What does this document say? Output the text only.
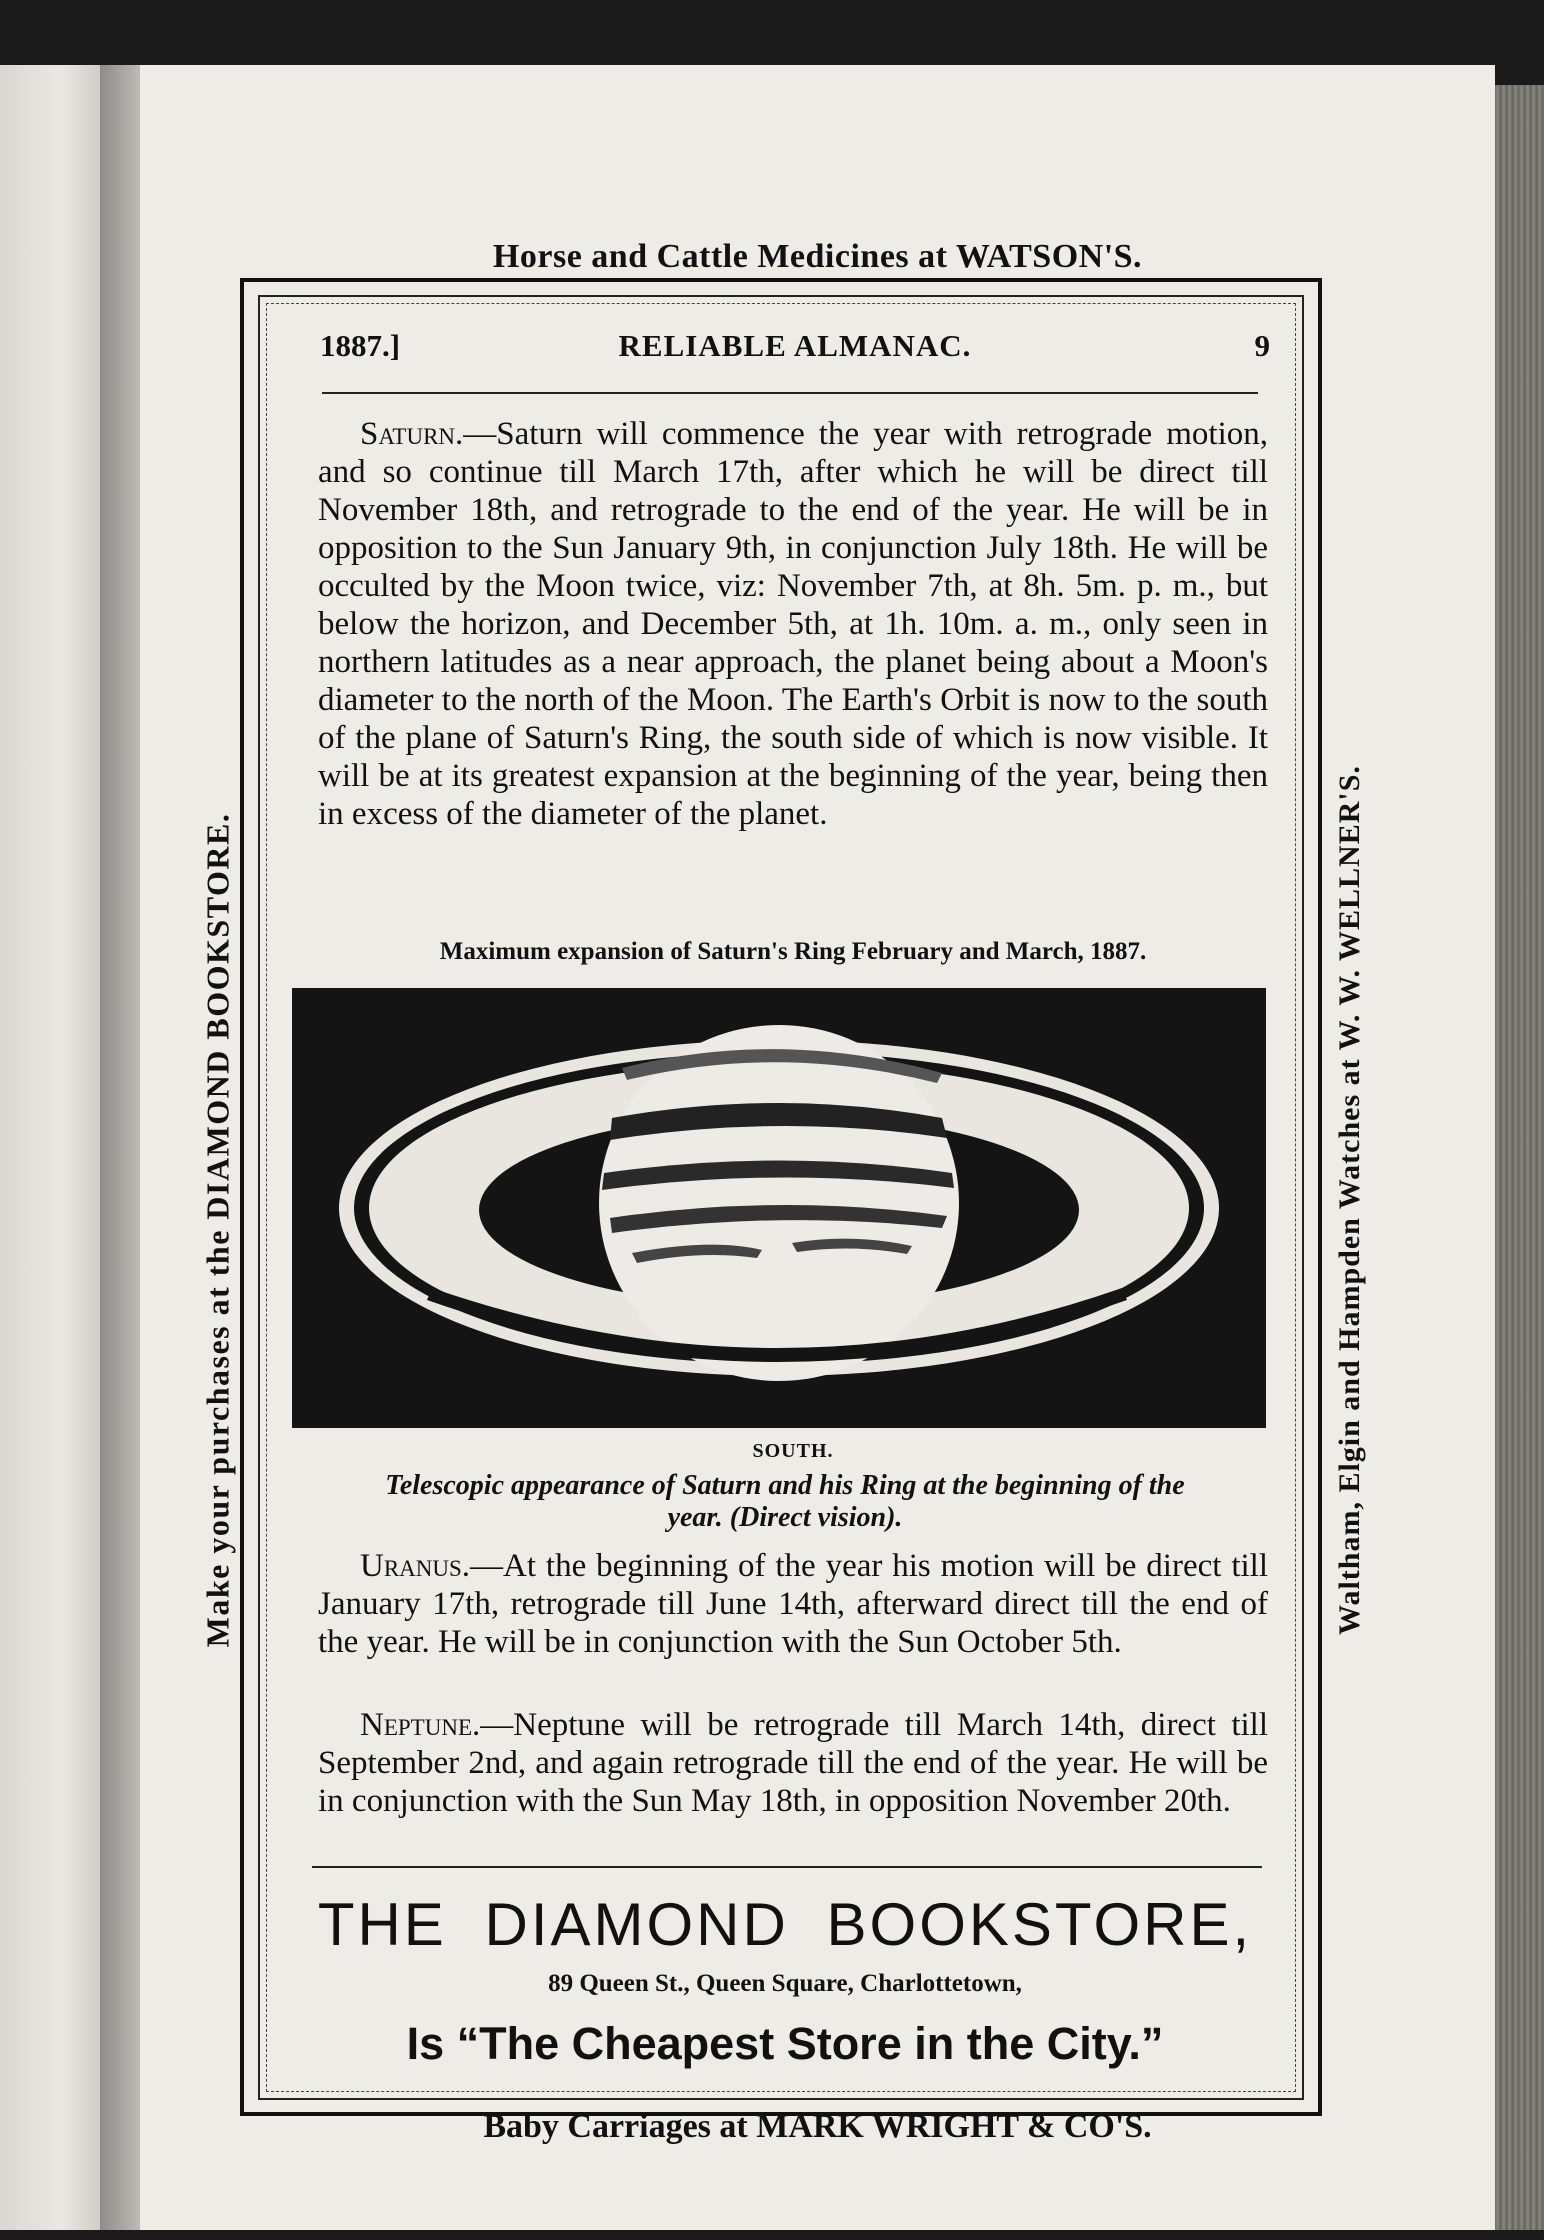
Horse and Cattle Medicines at WATSON'S.
Make your purchases at the DIAMOND BOOKSTORE.	Waltham, Elgin and Hampden Watches at W. W. WELLNER'S.
1887.]	RELIABLE ALMANAC.	9
Saturn.—Saturn will commence the year with retrograde motion, and so continue till March 17th, after which he will be direct till November 18th, and retrograde to the end of the year. He will be in opposition to the Sun January 9th, in conjunction July 18th. He will be occulted by the Moon twice, viz: November 7th, at 8h. 5m. p. m., but below the horizon, and December 5th, at 1h. 10m. a. m., only seen in northern latitudes as a near approach, the planet being about a Moon's diameter to the north of the Moon. The Earth's Orbit is now to the south of the plane of Saturn's Ring, the south side of which is now visible. It will be at its greatest expansion at the beginning of the year, being then in excess of the diameter of the planet.
Maximum expansion of Saturn's Ring February and March, 1887.
SOUTH.
Telescopic appearance of Saturn and his Ring at the beginning of the year. (Direct vision).
Uranus.—At the beginning of the year his motion will be direct till January 17th, retrograde till June 14th, afterward direct till the end of the year. He will be in conjunction with the Sun October 5th.
Neptune.—Neptune will be retrograde till March 14th, direct till September 2nd, and again retrograde till the end of the year. He will be in conjunction with the Sun May 18th, in opposition November 20th.
THE DIAMOND BOOKSTORE,
89 Queen St., Queen Square, Charlottetown,
Is “The Cheapest Store in the City.”
Baby Carriages at MARK WRIGHT & CO'S.
